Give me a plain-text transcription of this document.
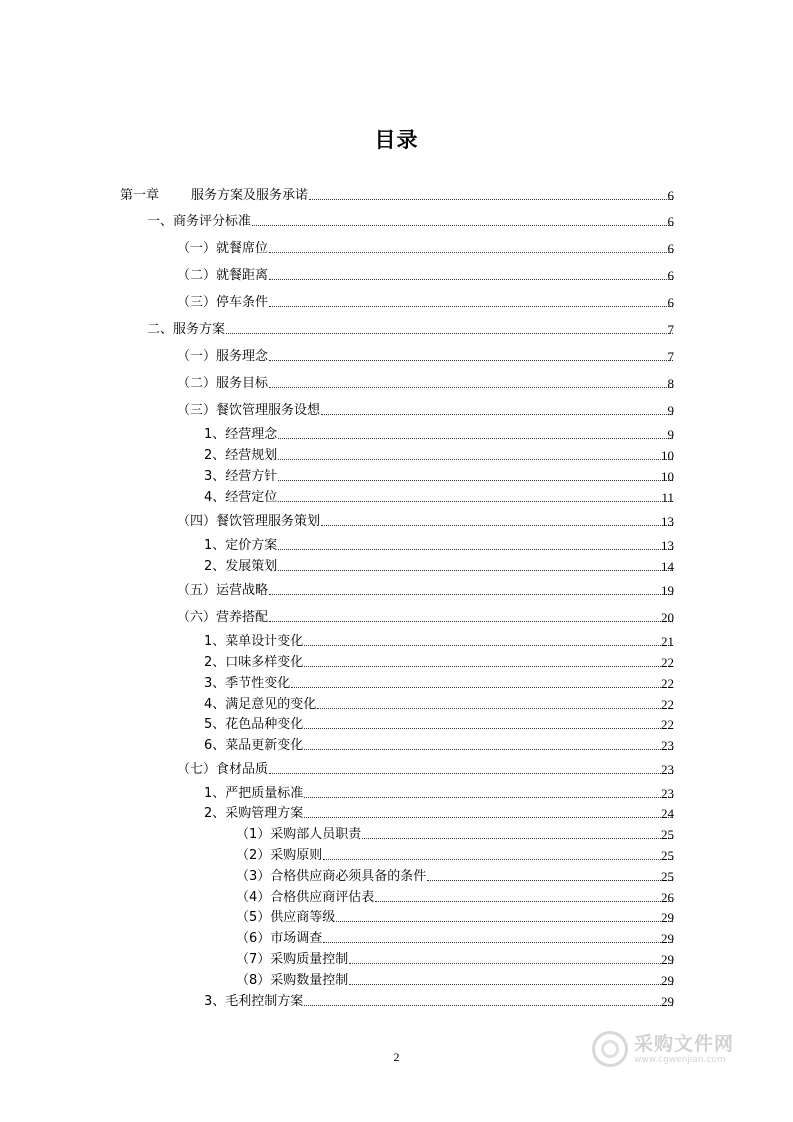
目录
第一章 服务方案及服务承诺	6
一、商务评分标准	6
（一）就餐席位	6
（二）就餐距离	6
（三）停车条件	6
二、服务方案	7
（一）服务理念	7
（二）服务目标	8
（三）餐饮管理服务设想	9
1、经营理念	9
2、经营规划	10
3、经营方针	10
4、经营定位	11
（四）餐饮管理服务策划	13
1、定价方案	13
2、发展策划	14
（五）运营战略	19
（六）营养搭配	20
1、菜单设计变化	21
2、口味多样变化	22
3、季节性变化	22
4、满足意见的变化	22
5、花色品种变化	22
6、菜品更新变化	23
（七）食材品质	23
1、严把质量标准	23
2、采购管理方案	24
（1）采购部人员职责	25
（2）采购原则	25
（3）合格供应商必须具备的条件	25
（4）合格供应商评估表	26
（5）供应商等级	29
（6）市场调查	29
（7）采购质量控制	29
（8）采购数量控制	29
3、毛利控制方案	29
2
采购文件网
www.cgwenjian.com
